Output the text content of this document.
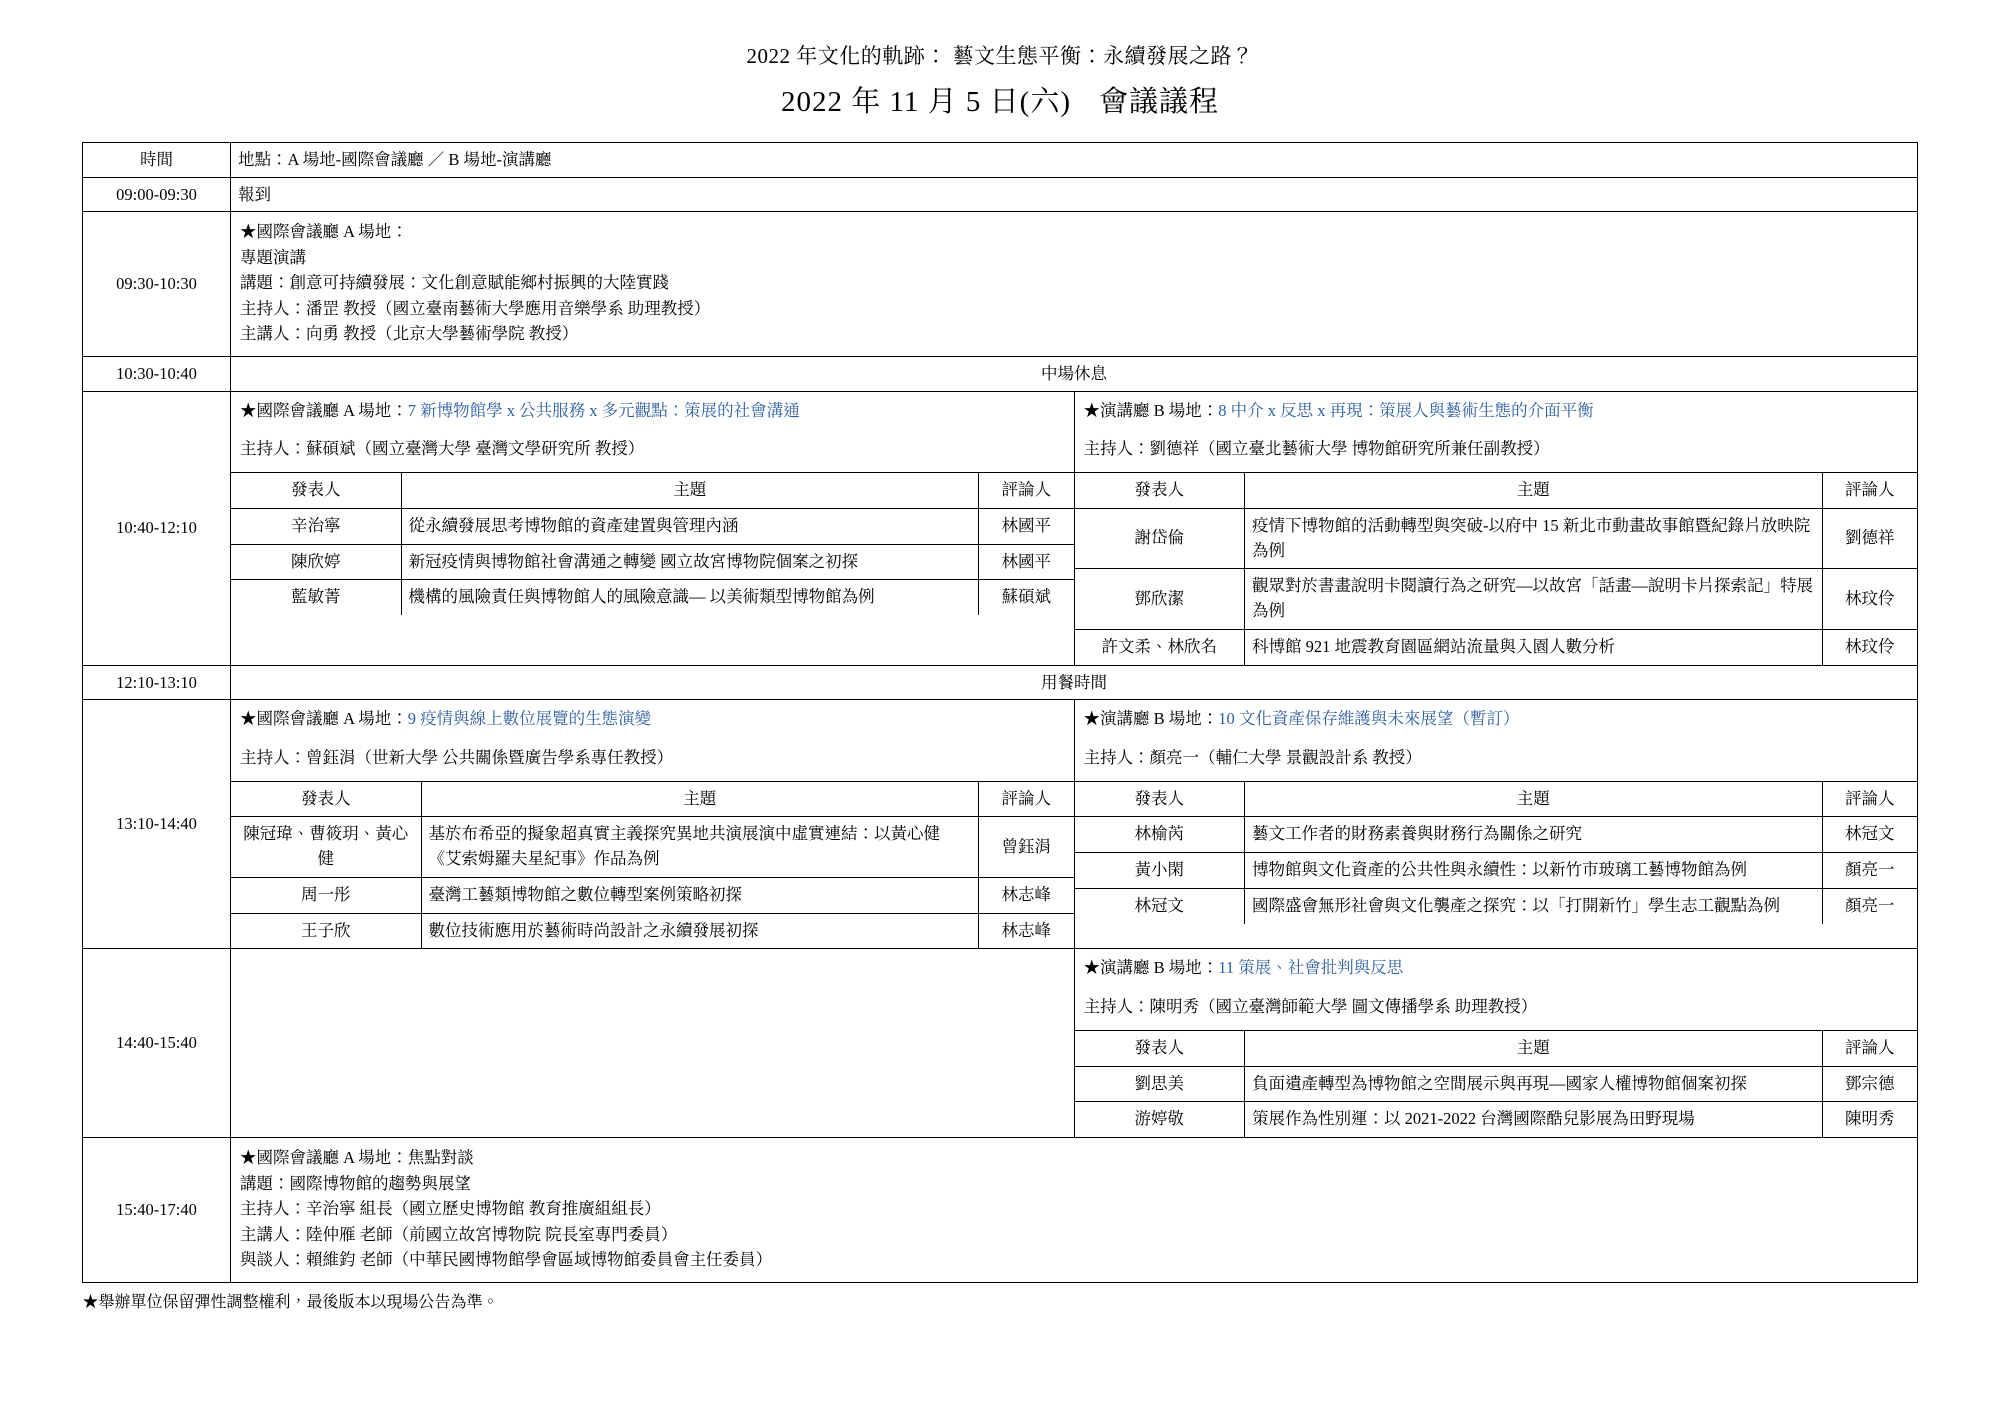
2022 年文化的軌跡： 藝文生態平衡：永續發展之路？
2022 年 11 月 5 日(六) 會議議程
時間	地點：A 場地-國際會議廳 ／ B 場地-演講廳
09:00-09:30	報到
09:30-10:30	
★國際會議廳 A 場地：
專題演講
講題：創意可持續發展：文化創意賦能鄉村振興的大陸實踐
主持人：潘罡 教授（國立臺南藝術大學應用音樂學系 助理教授）
主講人：向勇 教授（北京大學藝術學院 教授）

10:30-10:40	中場休息
10:40-12:10	
★國際會議廳 A 場地：7 新博物館學 x 公共服務 x 多元觀點：策展的社會溝通
主持人：蘇碩斌（國立臺灣大學 臺灣文學研究所 教授）
發表人	主題	評論人
辛治寧	從永續發展思考博物館的資產建置與管理內涵	林國平
陳欣婷	新冠疫情與博物館社會溝通之轉變 國立故宮博物院個案之初探	林國平
藍敏菁	機構的風險責任與博物館人的風險意識— 以美術類型博物館為例	蘇碩斌

★演講廳 B 場地：8 中介 x 反思 x 再現：策展人與藝術生態的介面平衡
主持人：劉德祥（國立臺北藝術大學 博物館研究所兼任副教授）
發表人	主題	評論人
謝岱倫	疫情下博物館的活動轉型與突破-以府中 15 新北市動畫故事館暨紀錄片放映院為例	劉德祥
鄧欣潔	觀眾對於書畫說明卡閱讀行為之研究—以故宮「話畫—說明卡片探索記」特展為例	林玟伶
許文柔、林欣名	科博館 921 地震教育園區網站流量與入園人數分析	林玟伶

12:10-13:10	用餐時間
13:10-14:40	
★國際會議廳 A 場地：9 疫情與線上數位展覽的生態演變
主持人：曾鈺涓（世新大學 公共關係暨廣告學系專任教授）
發表人	主題	評論人
陳冠瑋、曹筱玥、黃心健	基於布希亞的擬象超真實主義探究異地共演展演中虛實連結：以黃心健《艾索姆羅夫星紀事》作品為例	曾鈺涓
周一彤	臺灣工藝類博物館之數位轉型案例策略初探	林志峰
王子欣	數位技術應用於藝術時尚設計之永續發展初探	林志峰

★演講廳 B 場地：10 文化資產保存維護與未來展望（暫訂）
主持人：顏亮一（輔仁大學 景觀設計系 教授）
發表人	主題	評論人
林榆芮	藝文工作者的財務素養與財務行為關係之研究	林冠文
黃小閑	博物館與文化資產的公共性與永續性：以新竹市玻璃工藝博物館為例	顏亮一
林冠文	國際盛會無形社會與文化襲產之探究：以「打開新竹」學生志工觀點為例	顏亮一

14:40-15:40	

★演講廳 B 場地：11 策展、社會批判與反思
主持人：陳明秀（國立臺灣師範大學 圖文傳播學系 助理教授）
發表人	主題	評論人
劉思美	負面遺產轉型為博物館之空間展示與再現—國家人權博物館個案初探	鄧宗德
游婷敬	策展作為性別運：以 2021-2022 台灣國際酷兒影展為田野現場	陳明秀

15:40-17:40	
★國際會議廳 A 場地：焦點對談
講題：國際博物館的趨勢與展望
主持人：辛治寧 組長（國立歷史博物館 教育推廣組組長）
主講人：陸仲雁 老師（前國立故宮博物院 院長室專門委員）
與談人：賴維鈞 老師（中華民國博物館學會區域博物館委員會主任委員）
★舉辦單位保留彈性調整權利，最後版本以現場公告為準。
